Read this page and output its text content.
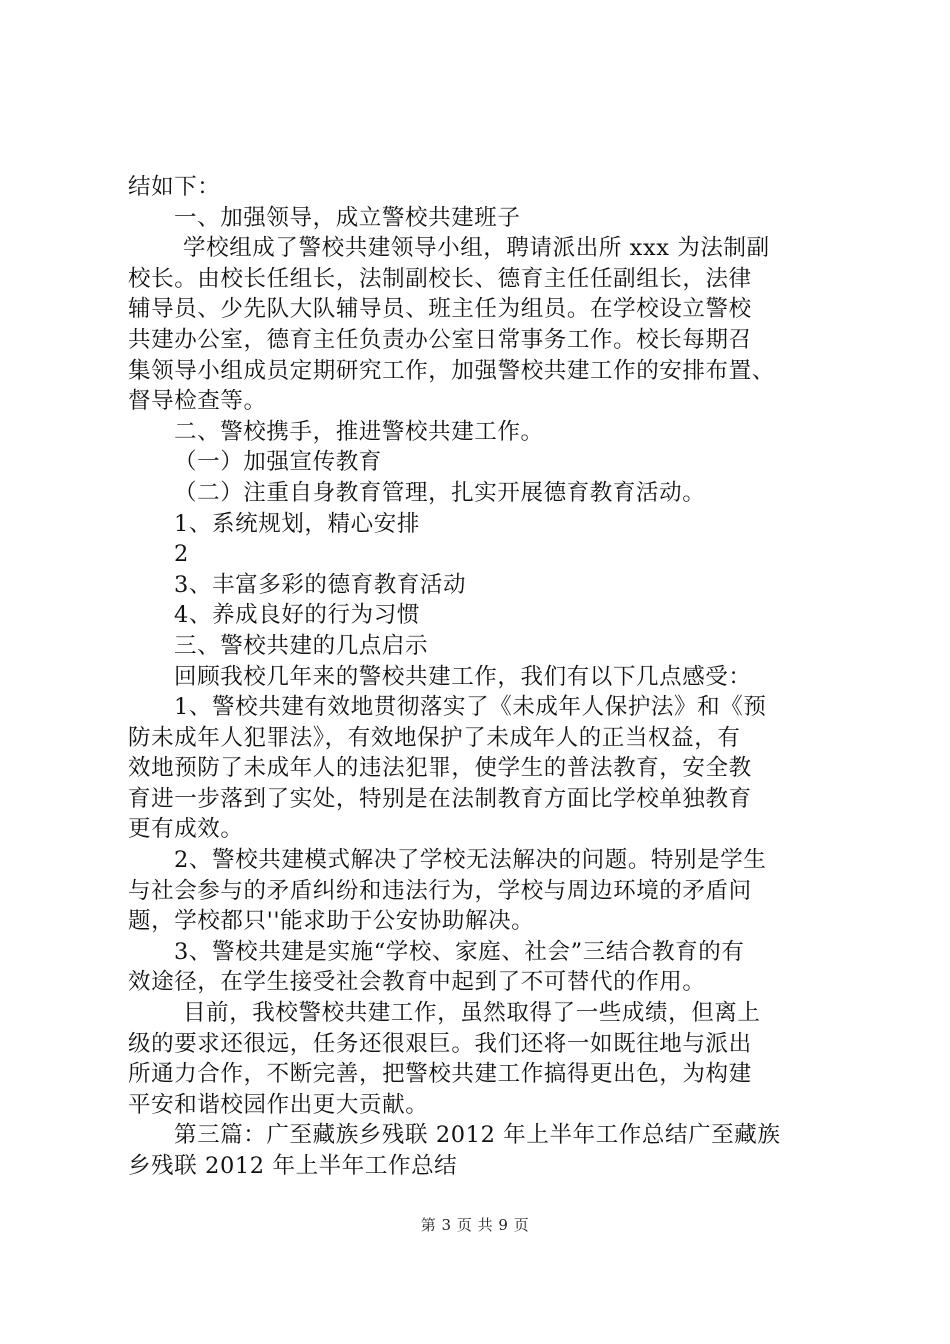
结如下：
一、加强领导，成立警校共建班子
学校组成了警校共建领导小组，聘请派出所 xxx 为法制副
校长。由校长任组长，法制副校长、德育主任任副组长，法律
辅导员、少先队大队辅导员、班主任为组员。在学校设立警校
共建办公室，德育主任负责办公室日常事务工作。校长每期召
集领导小组成员定期研究工作，加强警校共建工作的安排布置、
督导检查等。
二、警校携手，推进警校共建工作。
（一）加强宣传教育
（二）注重自身教育管理，扎实开展德育教育活动。
1、系统规划，精心安排
2
3、丰富多彩的德育教育活动
4、养成良好的行为习惯
三、警校共建的几点启示
回顾我校几年来的警校共建工作，我们有以下几点感受：
1、警校共建有效地贯彻落实了《未成年人保护法》和《预
防未成年人犯罪法》，有效地保护了未成年人的正当权益，有
效地预防了未成年人的违法犯罪，使学生的普法教育，安全教
育进一步落到了实处，特别是在法制教育方面比学校单独教育
更有成效。
2、警校共建模式解决了学校无法解决的问题。特别是学生
与社会参与的矛盾纠纷和违法行为，学校与周边环境的矛盾问
题，学校都只''能求助于公安协助解决。
3、警校共建是实施“学校、家庭、社会”三结合教育的有
效途径，在学生接受社会教育中起到了不可替代的作用。
目前，我校警校共建工作，虽然取得了一些成绩，但离上
级的要求还很远，任务还很艰巨。我们还将一如既往地与派出
所通力合作，不断完善，把警校共建工作搞得更出色，为构建
平安和谐校园作出更大贡献。
第三篇：广至藏族乡残联 2012 年上半年工作总结广至藏族
乡残联 2012 年上半年工作总结
第 3 页 共 9 页
